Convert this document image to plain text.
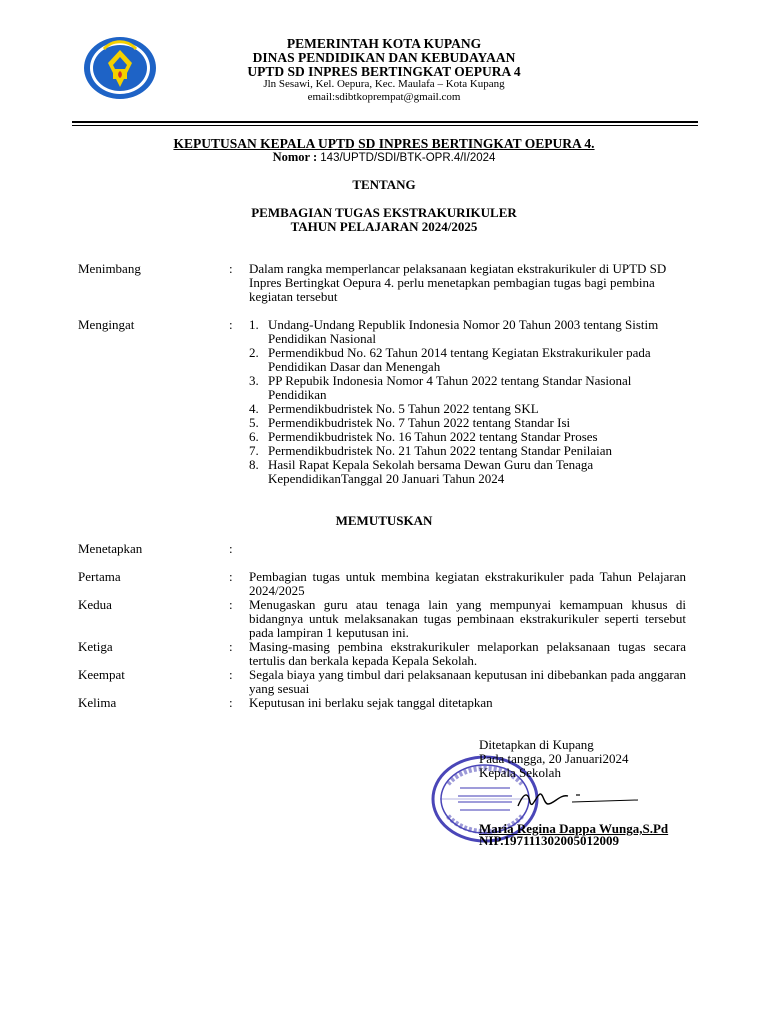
PEMERINTAH KOTA KUPANG
DINAS PENDIDIKAN DAN KEBUDAYAAN
UPTD SD INPRES BERTINGKAT OEPURA 4
Jln Sesawi, Kel. Oepura, Kec. Maulafa – Kota Kupang
email:sdibtkoprempat@gmail.com
KEPUTUSAN KEPALA UPTD SD INPRES BERTINGKAT OEPURA 4.
Nomor : 143/UPTD/SDI/BTK-OPR.4/I/2024
TENTANG
PEMBAGIAN TUGAS EKSTRAKURIKULER
TAHUN PELAJARAN 2024/2025
Menimbang	: Dalam rangka memperlancar pelaksanaan kegiatan ekstrakurikuler di UPTD SD Inpres Bertingkat Oepura 4. perlu menetapkan pembagian tugas bagi pembina kegiatan tersebut
Mengingat	: 1. Undang-Undang Republik Indonesia Nomor 20 Tahun 2003 tentang Sistim Pendidikan Nasional
2. Permendikbud No. 62 Tahun 2014 tentang Kegiatan Ekstrakurikuler pada Pendidikan Dasar dan Menengah
3. PP Repubik Indonesia Nomor 4 Tahun 2022 tentang Standar Nasional Pendidikan
4. Permendikbudristek No. 5 Tahun 2022 tentang SKL
5. Permendikbudristek No. 7 Tahun 2022 tentang Standar Isi
6. Permendikbudristek No. 16 Tahun 2022 tentang Standar Proses
7. Permendikbudristek No. 21 Tahun 2022 tentang Standar Penilaian
8. Hasil Rapat Kepala Sekolah bersama Dewan Guru dan Tenaga KependidikanTanggal 20 Januari Tahun 2024
MEMUTUSKAN
Menetapkan	:
Pertama	: Pembagian tugas untuk membina kegiatan ekstrakurikuler pada Tahun Pelajaran 2024/2025
Kedua	: Menugaskan guru atau tenaga lain yang mempunyai kemampuan khusus di bidangnya untuk melaksanakan tugas pembinaan ekstrakurikuler seperti tersebut pada lampiran 1 keputusan ini.
Ketiga	: Masing-masing pembina ekstrakurikuler melaporkan pelaksanaan tugas secara tertulis dan berkala kepada Kepala Sekolah.
Keempat	: Segala biaya yang timbul dari pelaksanaan keputusan ini dibebankan pada anggaran yang sesuai
Kelima	: Keputusan ini berlaku sejak tanggal ditetapkan
Ditetapkan di Kupang
Pada tangga, 20 Januari2024
Kepala Sekolah
Maria Regina Dappa Wunga,S.Pd
NIP.197111302005012009
